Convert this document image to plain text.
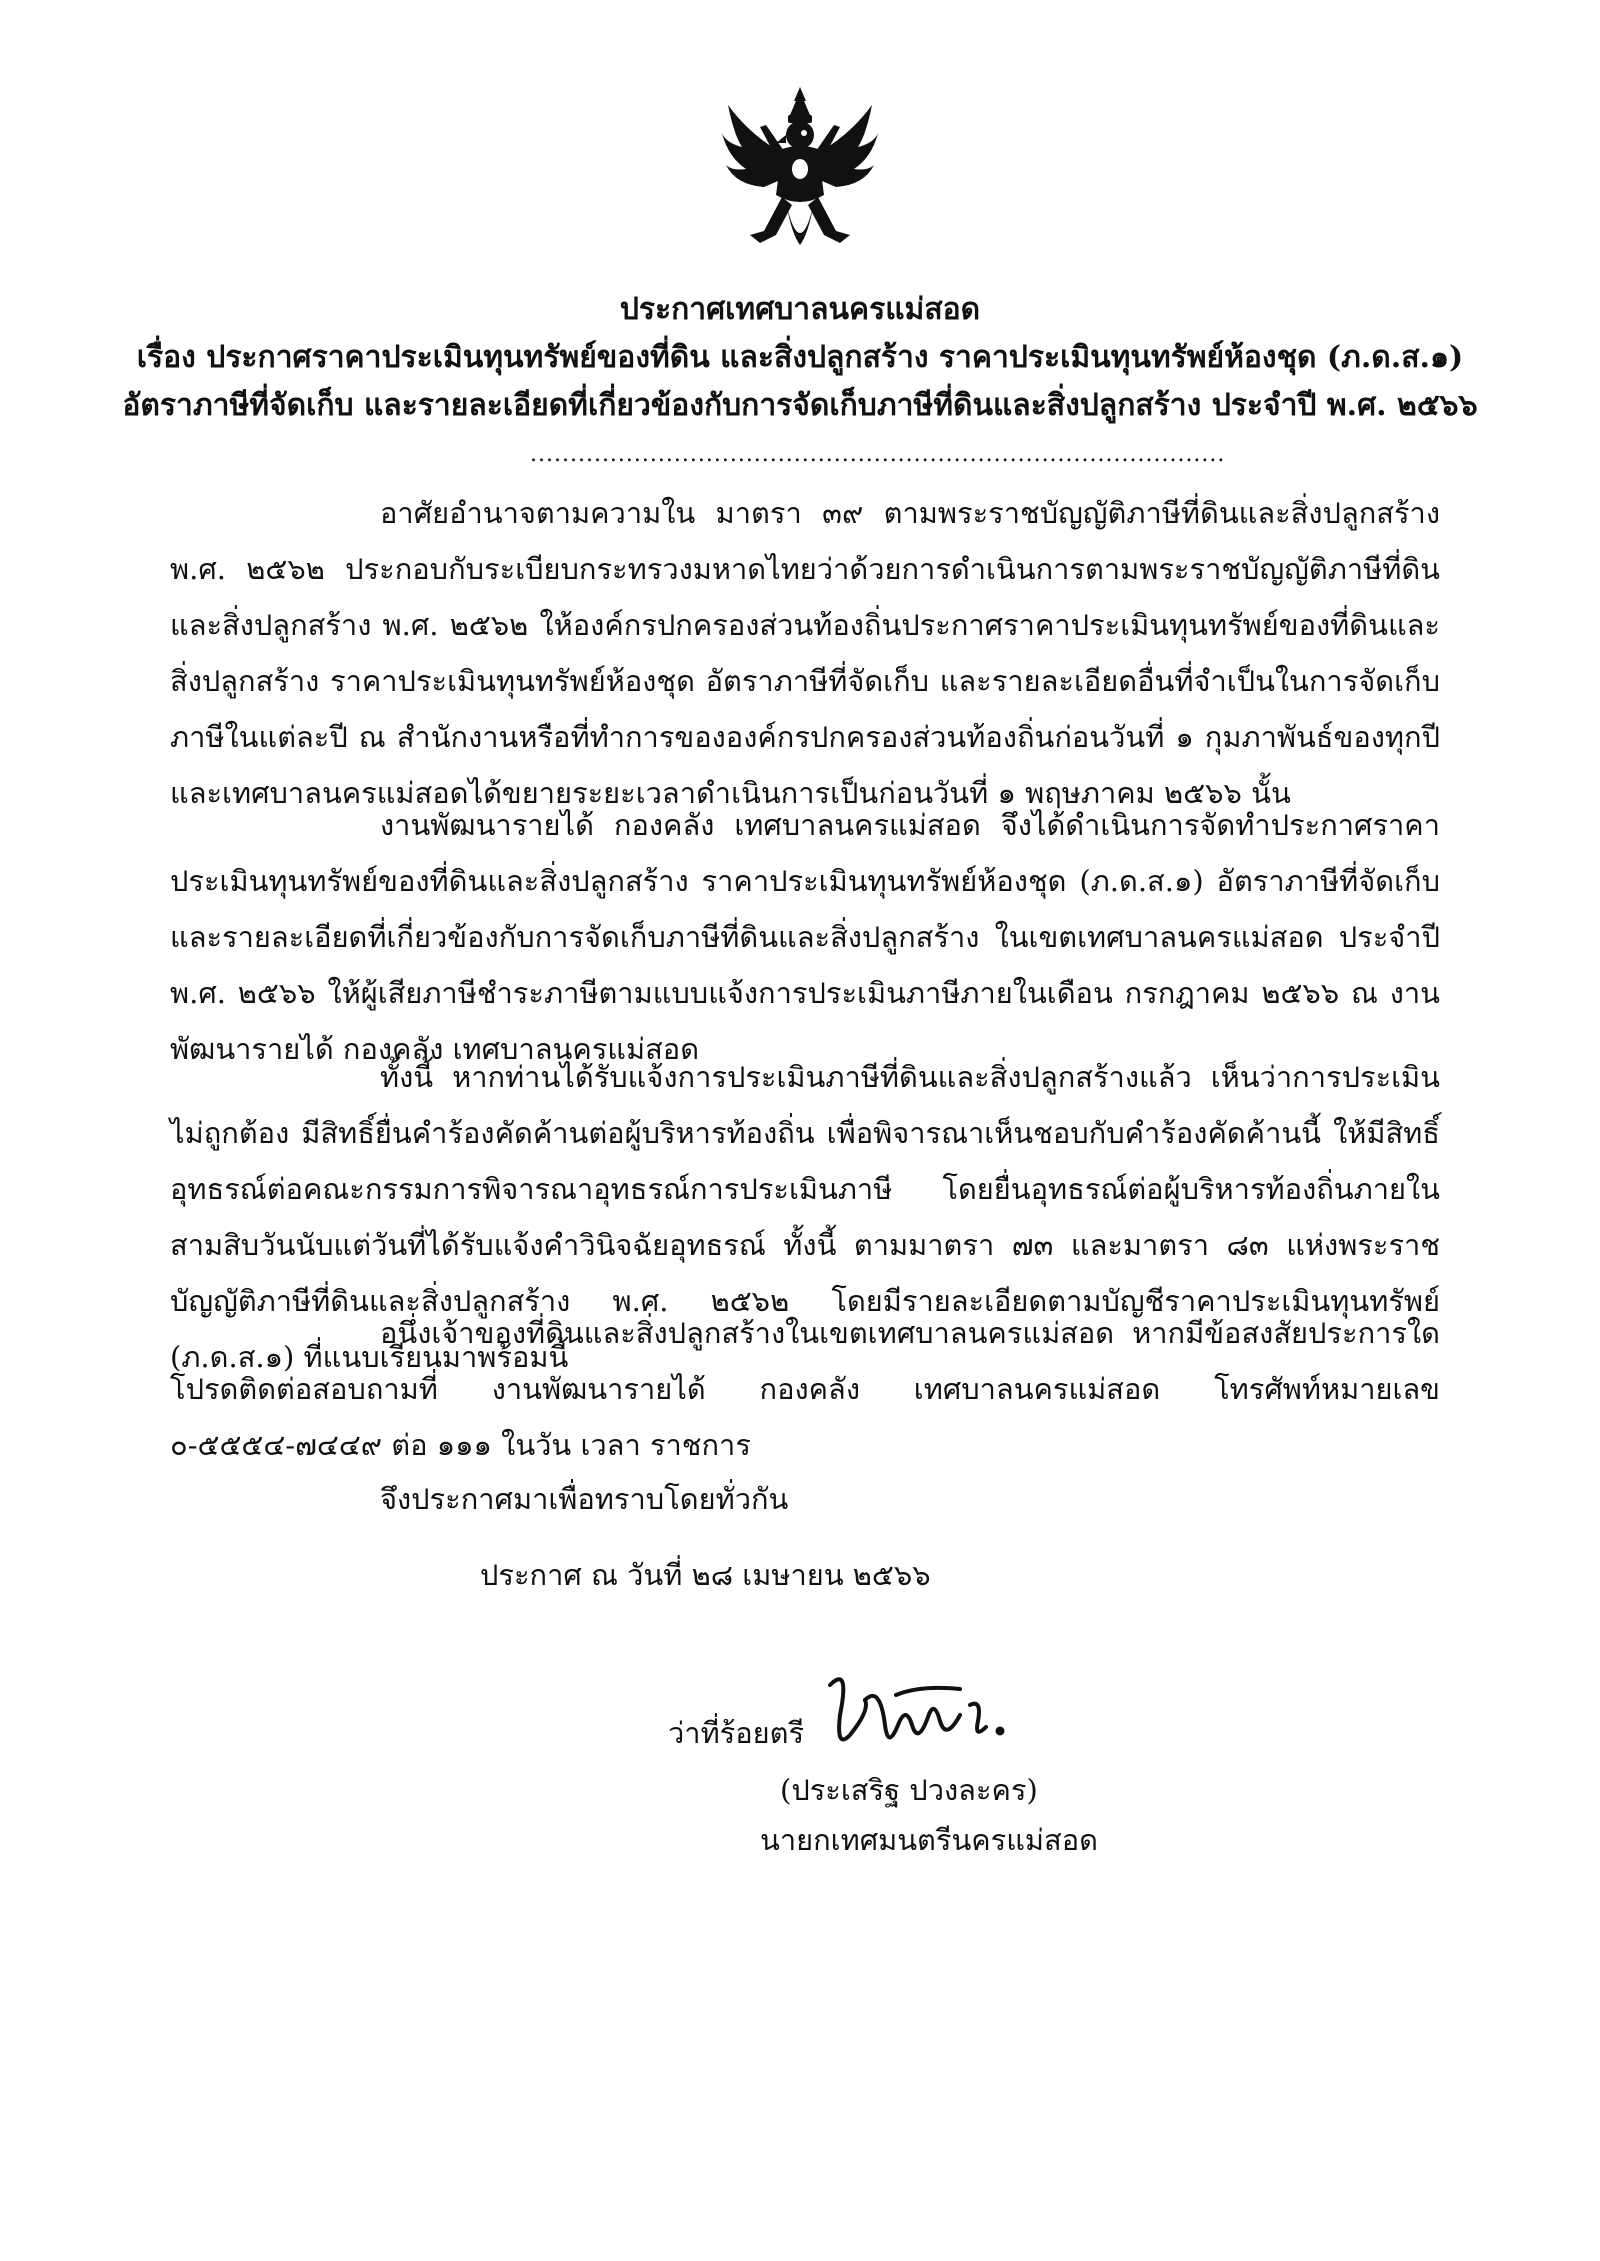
ประกาศเทศบาลนครแม่สอด
เรื่อง ประกาศราคาประเมินทุนทรัพย์ของที่ดิน และสิ่งปลูกสร้าง ราคาประเมินทุนทรัพย์ห้องชุด (ภ.ด.ส.๑)
อัตราภาษีที่จัดเก็บ และรายละเอียดที่เกี่ยวข้องกับการจัดเก็บภาษีที่ดินและสิ่งปลูกสร้าง ประจำปี พ.ศ. ๒๕๖๖
.......................................................................................

อาศัยอำนาจตามความใน มาตรา ๓๙ ตามพระราชบัญญัติภาษีที่ดินและสิ่งปลูกสร้าง พ.ศ. ๒๕๖๒ ประกอบกับระเบียบกระทรวงมหาดไทยว่าด้วยการดำเนินการตามพระราชบัญญัติภาษีที่ดินและสิ่งปลูกสร้าง พ.ศ. ๒๕๖๒ ให้องค์กรปกครองส่วนท้องถิ่นประกาศราคาประเมินทุนทรัพย์ของที่ดินและสิ่งปลูกสร้าง ราคาประเมินทุนทรัพย์ห้องชุด อัตราภาษีที่จัดเก็บ และรายละเอียดอื่นที่จำเป็นในการจัดเก็บภาษีในแต่ละปี ณ สำนักงานหรือที่ทำการขององค์กรปกครองส่วนท้องถิ่นก่อนวันที่ ๑ กุมภาพันธ์ของทุกปี และเทศบาลนครแม่สอดได้ขยายระยะเวลาดำเนินการเป็นก่อนวันที่ ๑ พฤษภาคม ๒๕๖๖ นั้น

งานพัฒนารายได้ กองคลัง เทศบาลนครแม่สอด จึงได้ดำเนินการจัดทำประกาศราคาประเมินทุนทรัพย์ของที่ดินและสิ่งปลูกสร้าง ราคาประเมินทุนทรัพย์ห้องชุด (ภ.ด.ส.๑) อัตราภาษีที่จัดเก็บ และรายละเอียดที่เกี่ยวข้องกับการจัดเก็บภาษีที่ดินและสิ่งปลูกสร้าง ในเขตเทศบาลนครแม่สอด ประจำปี พ.ศ. ๒๕๖๖ ให้ผู้เสียภาษีชำระภาษีตามแบบแจ้งการประเมินภาษีภายในเดือน กรกฎาคม ๒๕๖๖ ณ งานพัฒนารายได้ กองคลัง เทศบาลนครแม่สอด

ทั้งนี้ หากท่านได้รับแจ้งการประเมินภาษีที่ดินและสิ่งปลูกสร้างแล้ว เห็นว่าการประเมินไม่ถูกต้อง มีสิทธิ์ยื่นคำร้องคัดค้านต่อผู้บริหารท้องถิ่น เพื่อพิจารณาเห็นชอบกับคำร้องคัดค้านนี้ ให้มีสิทธิ์อุทธรณ์ต่อคณะกรรมการพิจารณาอุทธรณ์การประเมินภาษี โดยยื่นอุทธรณ์ต่อผู้บริหารท้องถิ่นภายในสามสิบวันนับแต่วันที่ได้รับแจ้งคำวินิจฉัยอุทธรณ์ ทั้งนี้ ตามมาตรา ๗๓ และมาตรา ๘๓ แห่งพระราชบัญญัติภาษีที่ดินและสิ่งปลูกสร้าง พ.ศ. ๒๕๖๒ โดยมีรายละเอียดตามบัญชีราคาประเมินทุนทรัพย์ (ภ.ด.ส.๑) ที่แนบเรียนมาพร้อมนี้

อนึ่งเจ้าของที่ดินและสิ่งปลูกสร้างในเขตเทศบาลนครแม่สอด หากมีข้อสงสัยประการใด โปรดติดต่อสอบถามที่ งานพัฒนารายได้ กองคลัง เทศบาลนครแม่สอด โทรศัพท์หมายเลข ๐-๕๕๕๔-๗๔๔๙ ต่อ ๑๑๑ ในวัน เวลา ราชการ

จึงประกาศมาเพื่อทราบโดยทั่วกัน
ประกาศ ณ วันที่ ๒๘ เมษายน ๒๕๖๖
ว่าที่ร้อยตรี
(ประเสริฐ ปวงละคร)
นายกเทศมนตรีนครแม่สอด
